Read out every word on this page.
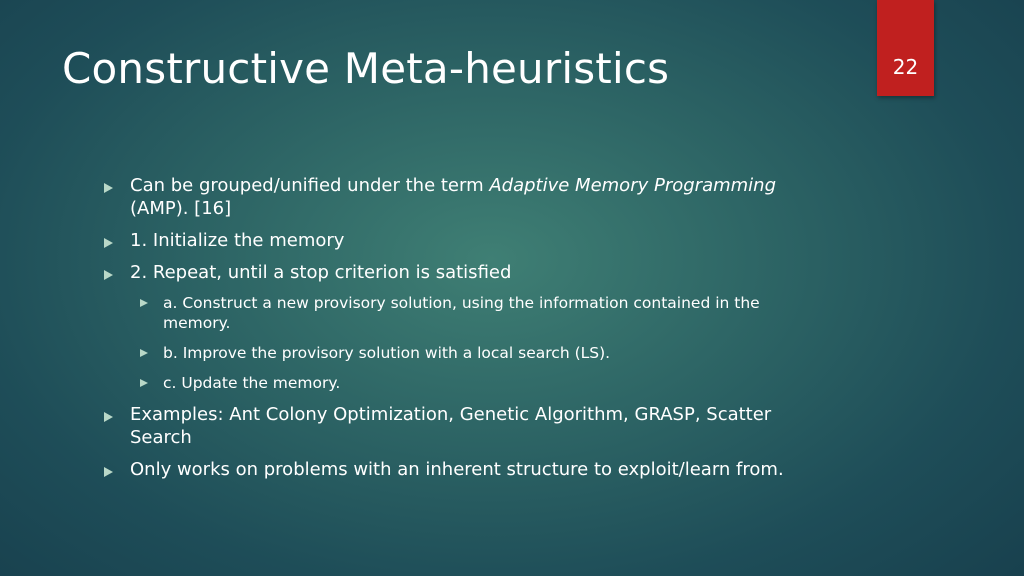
Constructive Meta-heuristics	22
Can be grouped/unified under the term Adaptive Memory Programming (AMP). [16]
1. Initialize the memory
2. Repeat, until a stop criterion is satisfied
a. Construct a new provisory solution, using the information contained in the memory.
b. Improve the provisory solution with a local search (LS).
c. Update the memory.
Examples: Ant Colony Optimization, Genetic Algorithm, GRASP, Scatter Search
Only works on problems with an inherent structure to exploit/learn from.
